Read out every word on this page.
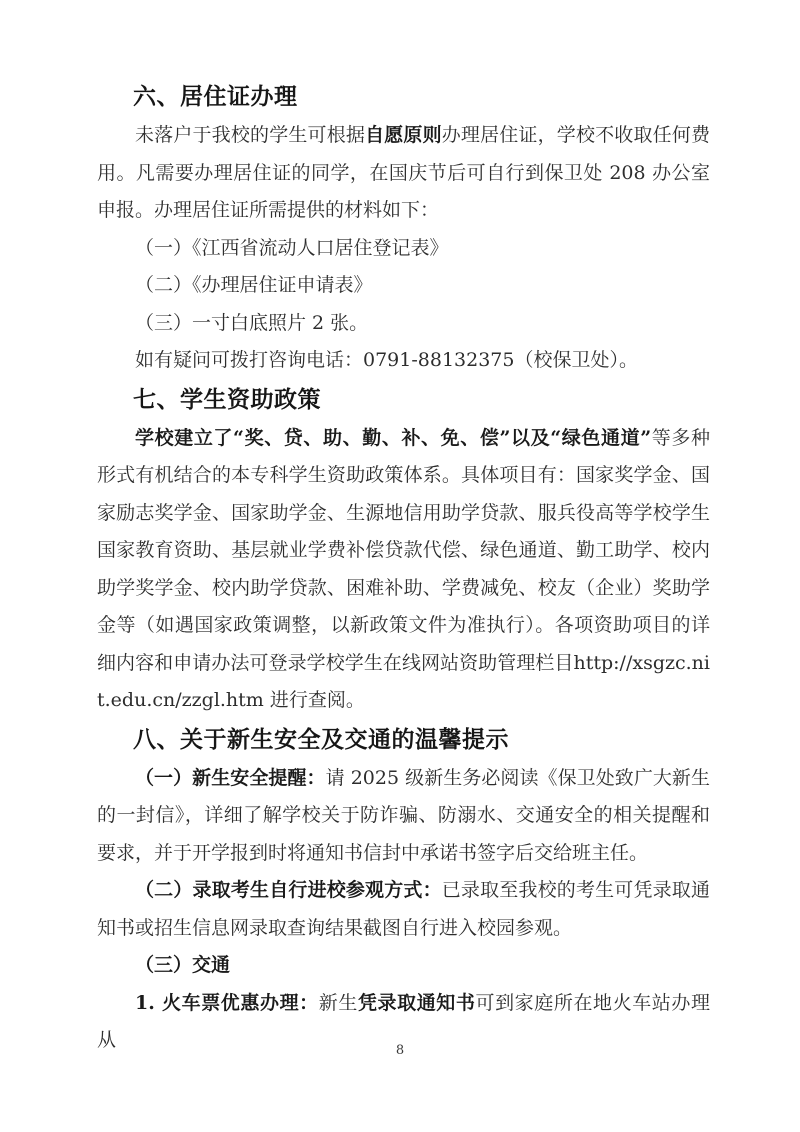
六、居住证办理

未落户于我校的学生可根据自愿原则办理居住证，学校不收取任何费用。凡需要办理居住证的同学，在国庆节后可自行到保卫处 208 办公室申报。办理居住证所需提供的材料如下：

（一）《江西省流动人口居住登记表》

（二）《办理居住证申请表》

（三）一寸白底照片 2 张。

如有疑问可拨打咨询电话：0791-88132375（校保卫处）。

七、学生资助政策

学校建立了“奖、贷、助、勤、补、免、偿”以及“绿色通道”等多种形式有机结合的本专科学生资助政策体系。具体项目有：国家奖学金、国家励志奖学金、国家助学金、生源地信用助学贷款、服兵役高等学校学生国家教育资助、基层就业学费补偿贷款代偿、绿色通道、勤工助学、校内助学奖学金、校内助学贷款、困难补助、学费减免、校友（企业）奖助学金等（如遇国家政策调整，以新政策文件为准执行）。各项资助项目的详细内容和申请办法可登录学校学生在线网站资助管理栏目http://xsgzc.nit.edu.cn/zzgl.htm 进行查阅。

八、关于新生安全及交通的温馨提示

（一）新生安全提醒：请 2025 级新生务必阅读《保卫处致广大新生的一封信》，详细了解学校关于防诈骗、防溺水、交通安全的相关提醒和要求，并于开学报到时将通知书信封中承诺书签字后交给班主任。

（二）录取考生自行进校参观方式：已录取至我校的考生可凭录取通知书或招生信息网录取查询结果截图自行进入校园参观。

（三）交通

1. 火车票优惠办理：新生凭录取通知书可到家庭所在地火车站办理从	8
